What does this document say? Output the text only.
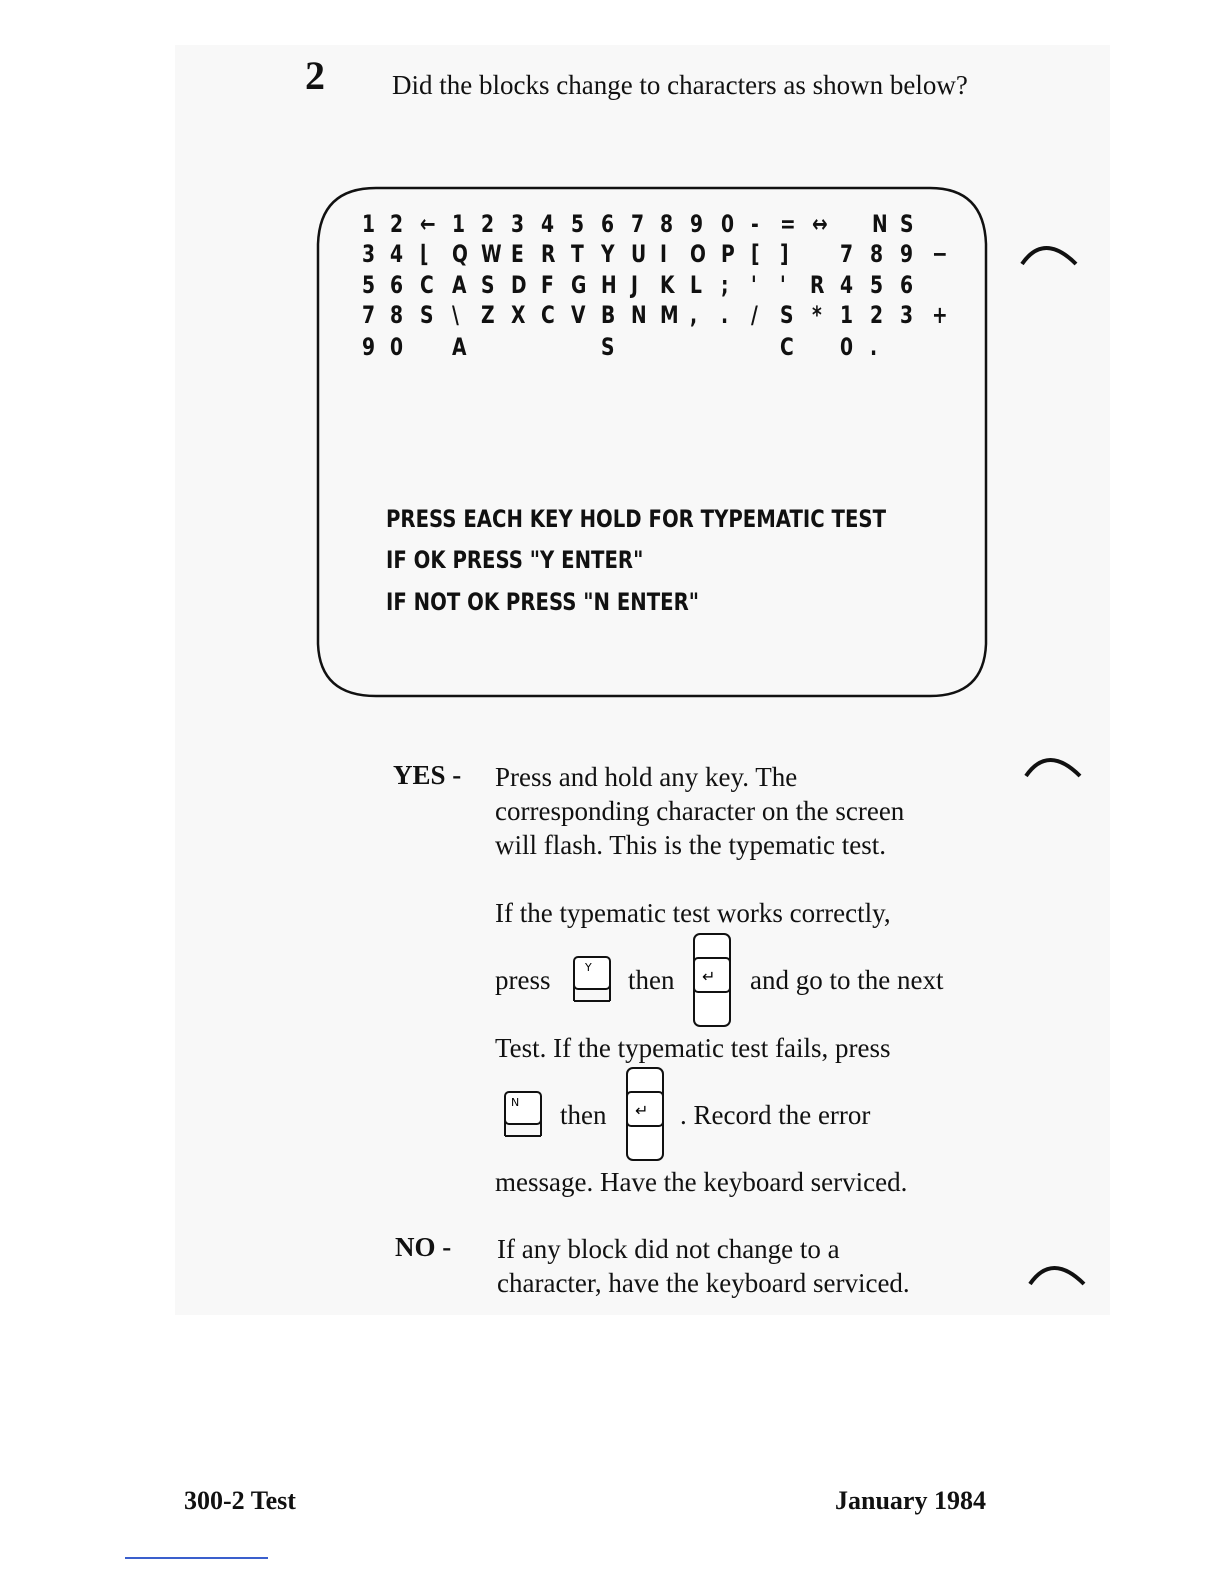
2 Did the blocks change to characters as shown below?
1 2 ← 1 2 3 4 5 6 7 8 9 0 - = ↔ N S
3 4 ⌊ Q W E R T Y U I O P [ ] 7 8 9 −
5 6 C A S D F G H J K L ; ' ' R 4 5 6
7 8 S \ Z X C V B N M , . / S * 1 2 3 +
9 0 A	S	C 0 .
PRESS EACH KEY HOLD FOR TYPEMATIC TEST
IF OK PRESS "Y ENTER"
IF NOT OK PRESS "N ENTER"
YES - Press and hold any key. The
corresponding character on the screen
will flash. This is the typematic test.
If the typematic test works correctly,
press	Y then ↵ and go to the next
Test. If the typematic test fails, press
N then ↵ . Record the error
message. Have the keyboard serviced.
NO - If any block did not change to a
character, have the keyboard serviced.
300-2 Test	January 1984
